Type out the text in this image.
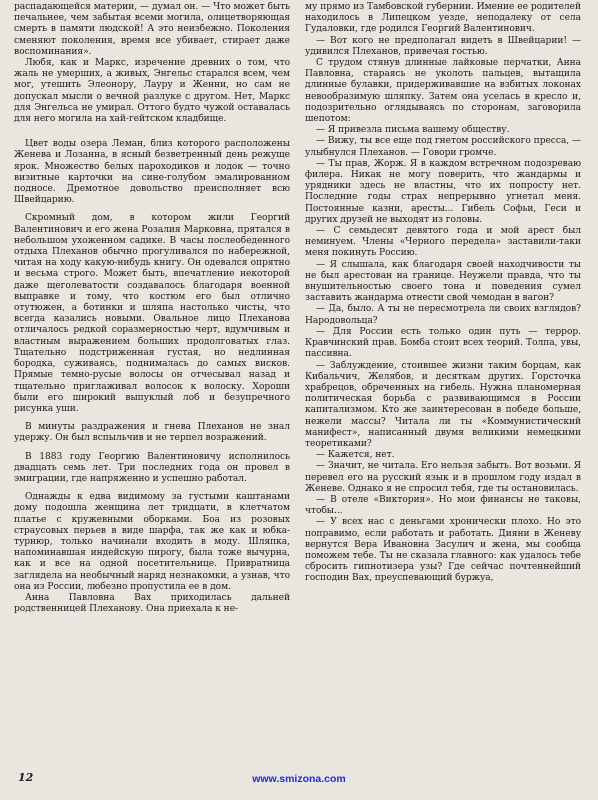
распадающейся материи, — думал он. — Что может быть печальнее, чем забытая всеми могила, олицетворяющая смерть в памяти людской! А это неизбежно. Поколения сменяют поколения, время все убивает, стирает даже воспоминания».

Любя, как и Маркс, изречение древних о том, что жаль не умерших, а живых, Энгельс старался всем, чем мог, утешить Элеонору, Лауру и Женни, но сам не допускал мысли о вечной разлуке с другом. Нет, Маркс для Энгельса не умирал. Оттого будто чужой оставалась для него могила на хай-гейтском кладбище.

Цвет воды озера Леман, близ которого расположены Женева и Лозанна, в ясный безветренный день режуще ярок. Множество белых пароходиков и лодок — точно визитные карточки на сине-голубом эмалированном подносе. Дремотное довольство преисполняет всю Швейцарию.

Скромный дом, в котором жили Георгий Валентинович и его жена Розалия Марковна, прятался в небольшом ухоженном садике. В часы послеобеденного отдыха Плеханов обычно прогуливался по набережной, читая на ходу какую-нибудь книгу. Он одевался опрятно и весьма строго. Может быть, впечатление некоторой даже щеголеватости создавалось благодаря военной выправке и тому, что костюм его был отлично отутюжен, а ботинки и шляпа настолько чисты, что всегда казались новыми. Овальное лицо Плеханова отличалось редкой соразмерностью черт, вдумчивым и властным выражением больших продолговатых глаз. Тщательно подстриженная густая, но недлинная бородка, суживаясь, поднималась до самых висков. Прямые темно-русые волосы он отчесывал назад и тщательно приглаживал волосок к волоску. Хороши были его широкий выпуклый лоб и безупречного рисунка уши.

В минуты раздражения и гнева Плеханов не знал удержу. Он был вспыльчив и не терпел возражений.

В 1883 году Георгию Валентиновичу исполнилось двадцать семь лет. Три последних года он провел в эмиграции, где напряженно и успешно работал.

Однажды к едва видимому за густыми каштанами дому подошла женщина лет тридцати, в клетчатом платье с кружевными оборками. Боа из розовых страусовых перьев в виде шарфа, так же как и юбка-турнюр, только начинали входить в моду. Шляпка, напоминавшая индейскую пирогу, была тоже вычурна, как и все на одной посетительнице. Привратница заглядела на необычный наряд незнакомки, а узнав, что она из России, любезно пропустила ее в дом.

Анна Павловна Вах приходилась дальней родственницей Плеханову. Она приехала к не-

му прямо из Тамбовской губернии. Имение ее родителей находилось в Липецком уезде, неподалеку от села Гудаловки, где родился Георгий Валентинович.

— Вот кого не предполагал видеть в Швейцарии! — удивился Плеханов, привечая гостью.

С трудом стянув длинные лайковые перчатки, Анна Павловна, стараясь не уколоть пальцев, вытащила длинные булавки, придерживавшие на взбитых локонах невообразимую шляпку. Затем она уселась в кресло и, подозрительно оглядываясь по сторонам, заговорила шепотом:

— Я привезла письма вашему обществу.

— Вижу, ты все еще под гнетом российского пресса, — улыбнулся Плеханов. — Говори громче.

— Ты прав, Жорж. Я в каждом встречном подозреваю филера. Никак не могу поверить, что жандармы и урядники здесь не властны, что их попросту нет. Последние годы страх непрерывно угнетал меня. Постоянные казни, аресты... Гибель Софьи, Геси и других друзей не выходят из головы.

— С семьдесят девятого года и мой арест был неминуем. Члены «Черного передела» заставили-таки меня покинуть Россию.

— Я слышала, как благодаря своей находчивости ты не был арестован на границе. Неужели правда, что ты внушительностью своего тона и поведения сумел заставить жандарма отнести свой чемодан в вагон?

— Да, было. А ты не пересмотрела ли своих взглядов? Народовольца?

— Для России есть только один путь — террор. Кравчинский прав. Бомба стоит всех теорий. Толпа, увы, пассивна.

— Заблуждение, стоившее жизни таким борцам, как Кибальчич, Желябов, и десяткам других. Горсточка храбрецов, обреченных на гибель. Нужна планомерная политическая борьба с развивающимся в России капитализмом. Кто же заинтересован в победе больше, нежели массы? Читала ли ты «Коммунистический манифест», написанный двумя великими немецкими теоретиками?

— Кажется, нет.

— Значит, не читала. Его нельзя забыть. Вот возьми. Я перевел его на русский язык и в прошлом году издал в Женеве. Однако я не спросил тебя, где ты остановилась.

— В отеле «Виктория». Но мои финансы не таковы, чтобы...

— У всех нас с деньгами хронически плохо. Но это поправимо, если работать и работать. Дияни в Женеву вернутся Вера Ивановна Засулич и жена, мы сообща поможем тебе. Ты не сказала главного: как удалось тебе сбросить гипнотизера узы? Где сейчас почтеннейший господин Вах, преуспевающий буржуа,

12	www.smizona.com
